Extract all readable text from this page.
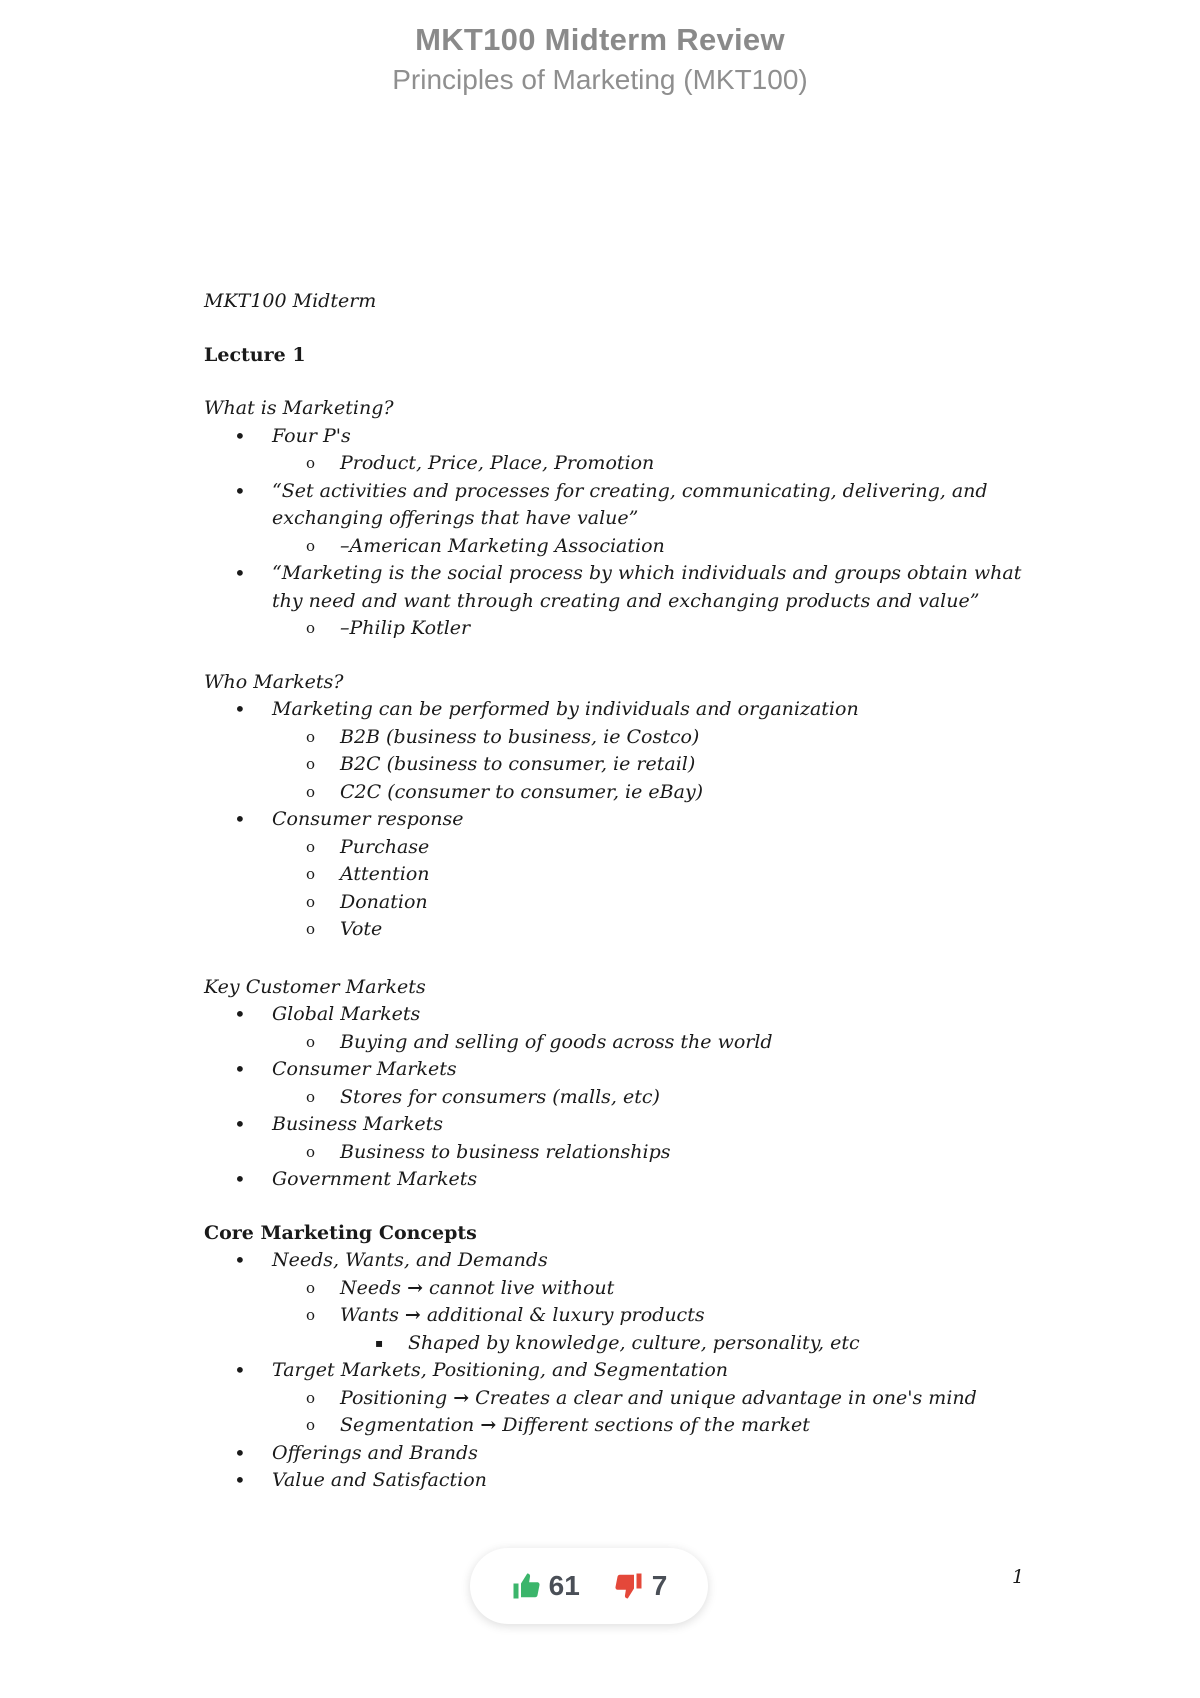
MKT100 Midterm Review
Principles of Marketing (MKT100)
MKT100 Midterm
Lecture 1
What is Marketing?
• Four P's
o Product, Price, Place, Promotion
• “Set activities and processes for creating, communicating, delivering, and
exchanging offerings that have value”
o –American Marketing Association
• “Marketing is the social process by which individuals and groups obtain what
thy need and want through creating and exchanging products and value”
o –Philip Kotler
Who Markets?
• Marketing can be performed by individuals and organization
o B2B (business to business, ie Costco)
o B2C (business to consumer, ie retail)
o C2C (consumer to consumer, ie eBay)
• Consumer response
o Purchase
o Attention
o Donation
o Vote
Key Customer Markets
• Global Markets
o Buying and selling of goods across the world
• Consumer Markets
o Stores for consumers (malls, etc)
• Business Markets
o Business to business relationships
• Government Markets
Core Marketing Concepts
• Needs, Wants, and Demands
o Needs → cannot live without
o Wants → additional & luxury products
▪ Shaped by knowledge, culture, personality, etc
• Target Markets, Positioning, and Segmentation
o Positioning → Creates a clear and unique advantage in one's mind
o Segmentation → Different sections of the market
• Offerings and Brands
• Value and Satisfaction
1
61	7
